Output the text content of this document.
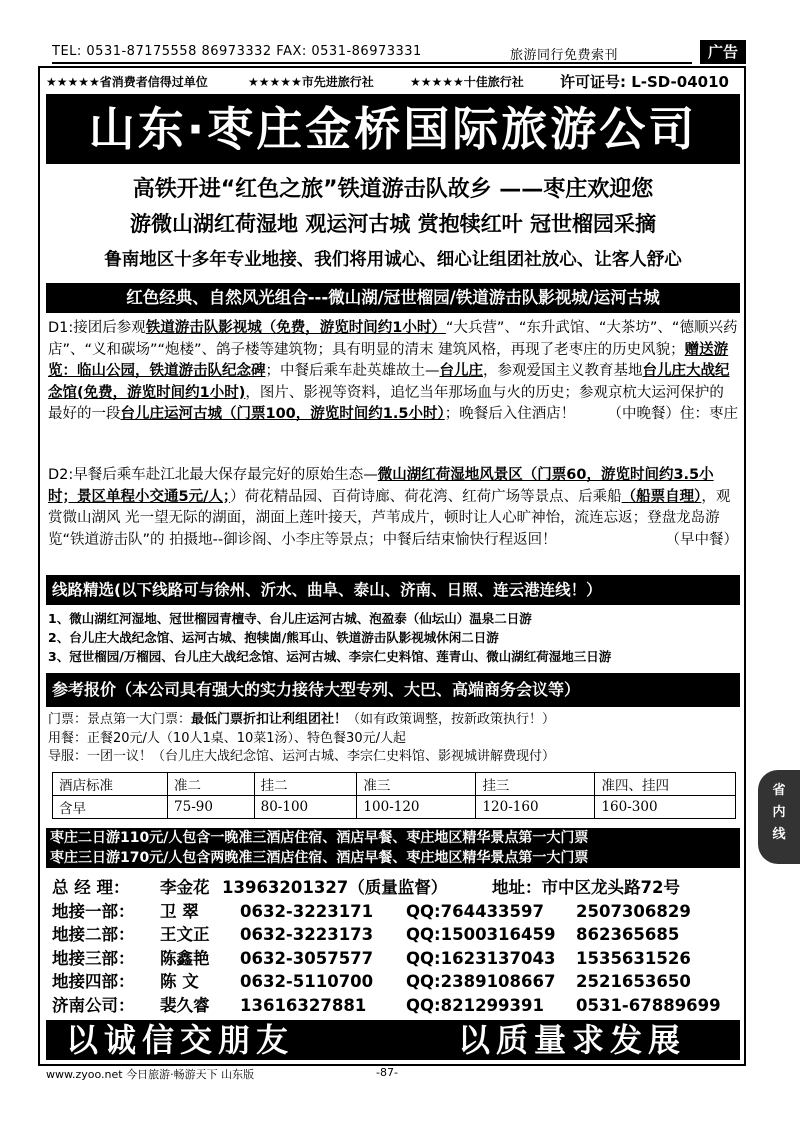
TEL: 0531-87175558 86973332 FAX: 0531-86973331	旅游同行免费索刊	广告
★★★★★省消费者信得过单位	★★★★★市先进旅行社	★★★★★十佳旅行社 许可证号: L-SD-04010
山东·枣庄金桥国际旅游公司
高铁开进“红色之旅”铁道游击队故乡 ——枣庄欢迎您
游微山湖红荷湿地 观运河古城 赏抱犊红叶 冠世榴园采摘
鲁南地区十多年专业地接、我们将用诚心、细心让组团社放心、让客人舒心
红色经典、自然风光组合---微山湖/冠世榴园/铁道游击队影视城/运河古城

D1:接团后参观铁道游击队影视城（免费，游览时间约1小时）“大兵营”、“东升武馆、“大茶坊”、“德顺兴药店”、“义和碳场”“炮楼”、鸽子楼等建筑物；具有明显的清末 建筑风格，再现了老枣庄的历史风貌；赠送游览：临山公园，铁道游击队纪念碑；中餐后乘车赴英雄故土—台儿庄，参观爱国主义教育基地台儿庄大战纪念馆(免费，游览时间约1小时)，图片、影视等资料，追忆当年那场血与火的历史；参观京杭大运河保护的最好的一段台儿庄运河古城（门票100，游览时间约1.5小时）；晚餐后入住酒店！ （中晚餐）住：枣庄

D2:早餐后乘车赴江北最大保存最完好的原始生态—微山湖红荷湿地风景区（门票60，游览时间约3.5小时；景区单程小交通5元/人；）荷花精品园、百荷诗廊、荷花湾、红荷广场等景点、后乘船（船票自理），观赏微山湖风 光一望无际的湖面，湖面上莲叶接天，芦苇成片，顿时让人心旷神怡，流连忘返；登盘龙岛游览“铁道游击队”的 拍摄地--御诊阁、小李庄等景点；中餐后结束愉快行程返回！	（早中餐）

线路精选(以下线路可与徐州、沂水、曲阜、泰山、济南、日照、连云港连线！）
1、微山湖红河湿地、冠世榴园青檀寺、台儿庄运河古城、泡盈泰（仙坛山）温泉二日游
2、台儿庄大战纪念馆、运河古城、抱犊崮/熊耳山、铁道游击队影视城休闲二日游
3、冠世榴园/万榴园、台儿庄大战纪念馆、运河古城、李宗仁史料馆、莲青山、微山湖红荷湿地三日游
参考报价（本公司具有强大的实力接待大型专列、大巴、高端商务会议等）
门票：景点第一大门票：最低门票折扣让利组团社！（如有政策调整，按新政策执行！）
用餐：正餐20元/人（10人1桌、10菜1汤）、特色餐30元/人起
导服：一团一议！（台儿庄大战纪念馆、运河古城、李宗仁史料馆、影视城讲解费现付）
酒店标准	准二	挂二	准三	挂三	准四、挂四
含早	75-90	80-100	100-120	120-160	160-300
枣庄二日游110元/人包含一晚准三酒店住宿、酒店早餐、枣庄地区精华景点第一大门票
枣庄三日游170元/人包含两晚准三酒店住宿、酒店早餐、枣庄地区精华景点第一大门票
总 经 理： 李金花 13963201327（质量监督）	地址：市中区龙头路72号
地接一部： 卫 翠	0632-3223171 QQ:764433597 2507306829
地接二部： 王文正 0632-3223173 QQ:1500316459 862365685
地接三部： 陈鑫艳 0632-3057577 QQ:1623137043 1535631526
地接四部： 陈 文	0632-5110700 QQ:2389108667 2521653650
济南公司： 裴久睿 13616327881 QQ:821299391 0531-67889699
以诚信交朋友	以质量求发展
www.zyoo.net 今日旅游·畅游天下 山东版	-87-
省
内
线
